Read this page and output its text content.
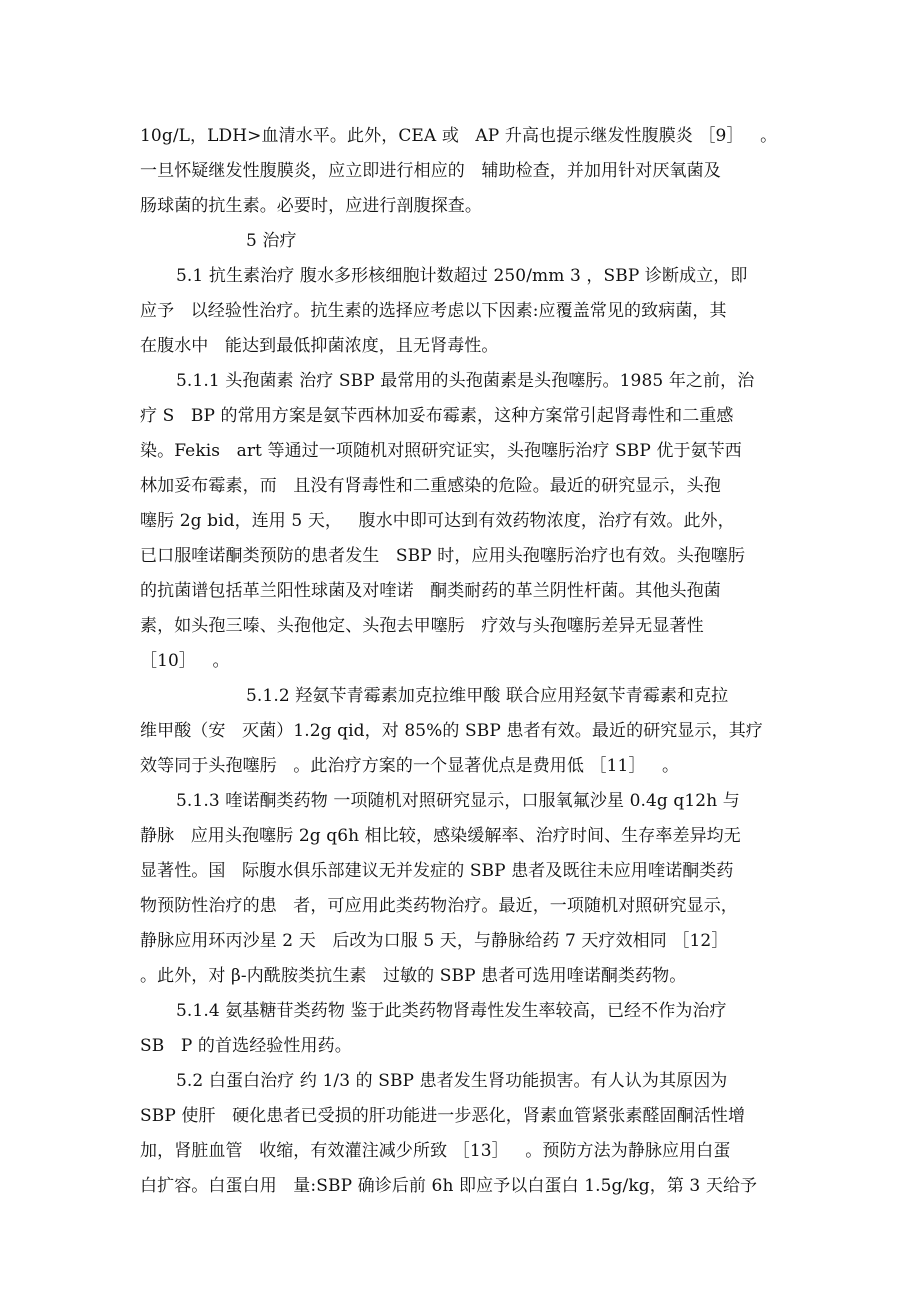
10g/L，LDH>血清水平。此外，CEA 或   AP 升高也提示继发性腹膜炎 ［9］   。
一旦怀疑继发性腹膜炎，应立即进行相应的   辅助检查，并加用针对厌氧菌及
肠球菌的抗生素。必要时，应进行剖腹探查。
5 治疗
5.1 抗生素治疗 腹水多形核细胞计数超过 250/mm 3 ，SBP 诊断成立，即
应予   以经验性治疗。抗生素的选择应考虑以下因素:应覆盖常见的致病菌，其
在腹水中   能达到最低抑菌浓度，且无肾毒性。
5.1.1 头孢菌素 治疗 SBP 最常用的头孢菌素是头孢噻肟。1985 年之前，治
疗 S   BP 的常用方案是氨苄西林加妥布霉素，这种方案常引起肾毒性和二重感
染。Fekis   art 等通过一项随机对照研究证实，头孢噻肟治疗 SBP 优于氨苄西
林加妥布霉素，而   且没有肾毒性和二重感染的危险。最近的研究显示，头孢
噻肟 2g bid，连用 5 天，   腹水中即可达到有效药物浓度，治疗有效。此外，
已口服喹诺酮类预防的患者发生   SBP 时，应用头孢噻肟治疗也有效。头孢噻肟
的抗菌谱包括革兰阳性球菌及对喹诺   酮类耐药的革兰阴性杆菌。其他头孢菌
素，如头孢三嗪、头孢他定、头孢去甲噻肟   疗效与头孢噻肟差异无显著性
［10］   。
5.1.2 羟氨苄青霉素加克拉维甲酸 联合应用羟氨苄青霉素和克拉
维甲酸（安   灭菌）1.2g qid，对 85%的 SBP 患者有效。最近的研究显示，其疗
效等同于头孢噻肟   。此治疗方案的一个显著优点是费用低 ［11］   。
5.1.3 喹诺酮类药物 一项随机对照研究显示，口服氧氟沙星 0.4g q12h 与
静脉   应用头孢噻肟 2g q6h 相比较，感染缓解率、治疗时间、生存率差异均无
显著性。国   际腹水俱乐部建议无并发症的 SBP 患者及既往未应用喹诺酮类药
物预防性治疗的患   者，可应用此类药物治疗。最近，一项随机对照研究显示，
静脉应用环丙沙星 2 天   后改为口服 5 天，与静脉给药 7 天疗效相同 ［12］
。此外，对 β-内酰胺类抗生素   过敏的 SBP 患者可选用喹诺酮类药物。
5.1.4 氨基糖苷类药物 鉴于此类药物肾毒性发生率较高，已经不作为治疗
SB   P 的首选经验性用药。
5.2 白蛋白治疗 约 1/3 的 SBP 患者发生肾功能损害。有人认为其原因为
SBP 使肝   硬化患者已受损的肝功能进一步恶化，肾素血管紧张素醛固酮活性增
加，肾脏血管   收缩，有效灌注减少所致 ［13］   。预防方法为静脉应用白蛋
白扩容。白蛋白用   量:SBP 确诊后前 6h 即应予以白蛋白 1.5g/kg，第 3 天给予
